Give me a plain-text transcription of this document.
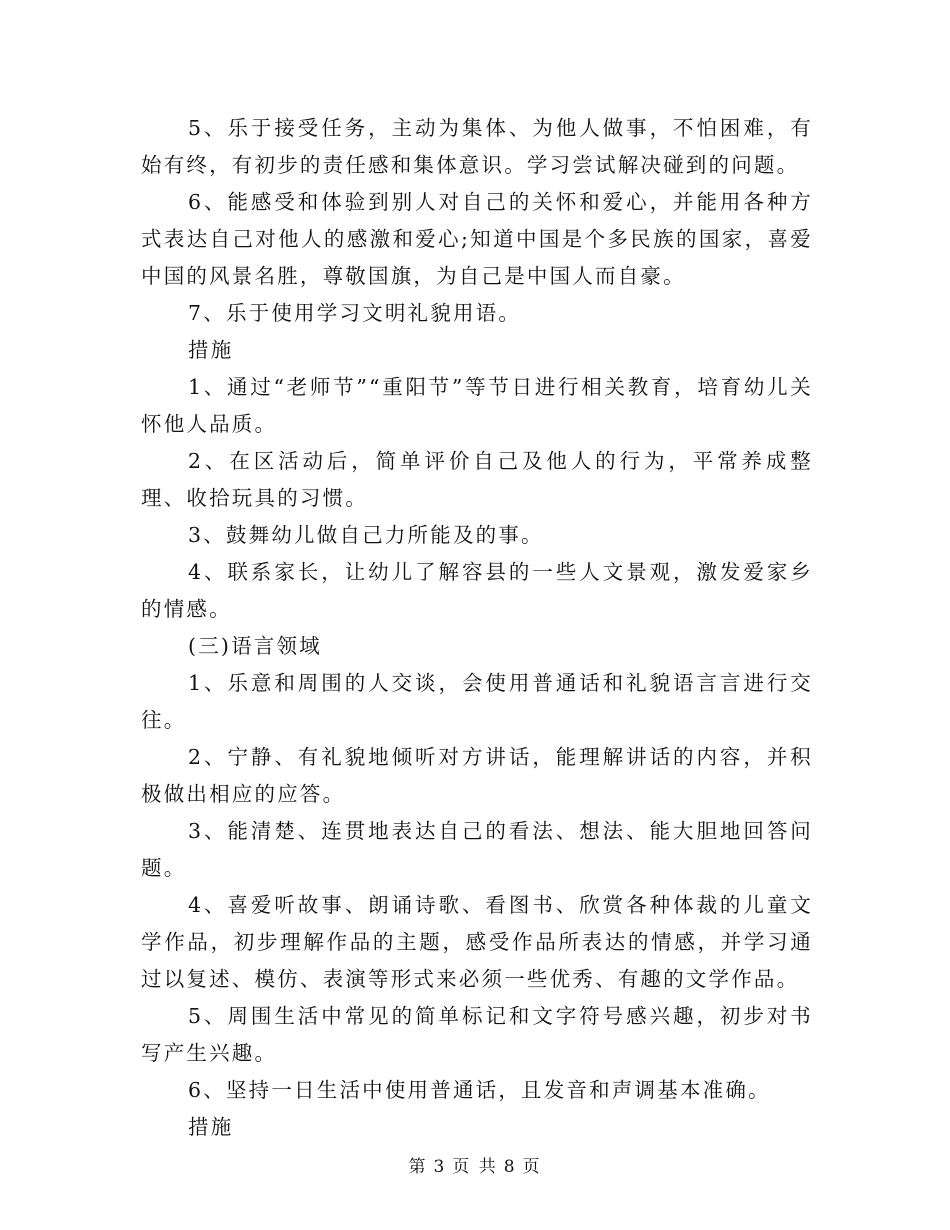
5、乐于接受任务，主动为集体、为他人做事，不怕困难，有始有终，有初步的责任感和集体意识。学习尝试解决碰到的问题。

6、能感受和体验到别人对自己的关怀和爱心，并能用各种方式表达自己对他人的感激和爱心;知道中国是个多民族的国家，喜爱中国的风景名胜，尊敬国旗，为自己是中国人而自豪。

7、乐于使用学习文明礼貌用语。

措施

1、通过“老师节”“重阳节”等节日进行相关教育，培育幼儿关怀他人品质。

2、在区活动后，简单评价自己及他人的行为，平常养成整理、收拾玩具的习惯。

3、鼓舞幼儿做自己力所能及的事。

4、联系家长，让幼儿了解容县的一些人文景观，激发爱家乡的情感。

(三)语言领域

1、乐意和周围的人交谈，会使用普通话和礼貌语言言进行交往。

2、宁静、有礼貌地倾听对方讲话，能理解讲话的内容，并积极做出相应的应答。

3、能清楚、连贯地表达自己的看法、想法、能大胆地回答问题。

4、喜爱听故事、朗诵诗歌、看图书、欣赏各种体裁的儿童文学作品，初步理解作品的主题，感受作品所表达的情感，并学习通过以复述、模仿、表演等形式来必须一些优秀、有趣的文学作品。

5、周围生活中常见的简单标记和文字符号感兴趣，初步对书写产生兴趣。

6、坚持一日生活中使用普通话，且发音和声调基本准确。

措施

第 3 页 共 8 页
